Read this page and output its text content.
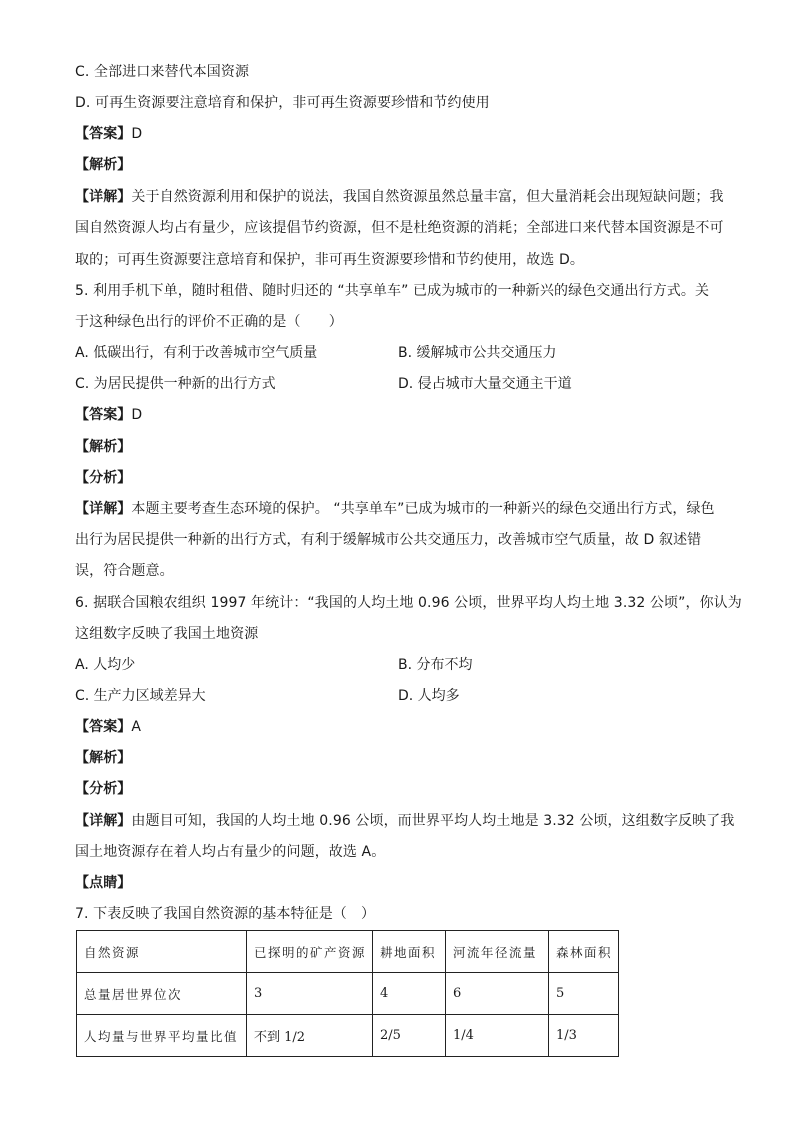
C. 全部进口来替代本国资源
D. 可再生资源要注意培育和保护，非可再生资源要珍惜和节约使用
【答案】D
【解析】
【详解】关于自然资源利用和保护的说法，我国自然资源虽然总量丰富，但大量消耗会出现短缺问题；我
国自然资源人均占有量少，应该提倡节约资源，但不是杜绝资源的消耗；全部进口来代替本国资源是不可
取的；可再生资源要注意培育和保护，非可再生资源要珍惜和节约使用，故选 D。
5. 利用手机下单，随时租借、随时归还的 “共享单车” 已成为城市的一种新兴的绿色交通出行方式。关
于这种绿色出行的评价不正确的是（　　）
A. 低碳出行，有利于改善城市空气质量	B. 缓解城市公共交通压力
C. 为居民提供一种新的出行方式	D. 侵占城市大量交通主干道
【答案】D
【解析】
【分析】
【详解】本题主要考查生态环境的保护。 “共享单车”已成为城市的一种新兴的绿色交通出行方式，绿色
出行为居民提供一种新的出行方式，有利于缓解城市公共交通压力，改善城市空气质量，故 D 叙述错
误，符合题意。
6. 据联合国粮农组织 1997 年统计：“我国的人均土地 0.96 公顷，世界平均人均土地 3.32 公顷”，你认为
这组数字反映了我国土地资源
A. 人均少	B. 分布不均
C. 生产力区域差异大	D. 人均多
【答案】A
【解析】
【分析】
【详解】由题目可知，我国的人均土地 0.96 公顷，而世界平均人均土地是 3.32 公顷，这组数字反映了我
国土地资源存在着人均占有量少的问题，故选 A。
【点睛】
7. 下表反映了我国自然资源的基本特征是（　）
自然资源	已探明的矿产资源	耕地面积	河流年径流量	森林面积
总量居世界位次	3	4	6	5
人均量与世界平均量比值	不到 1/2	2/5	1/4	1/3
